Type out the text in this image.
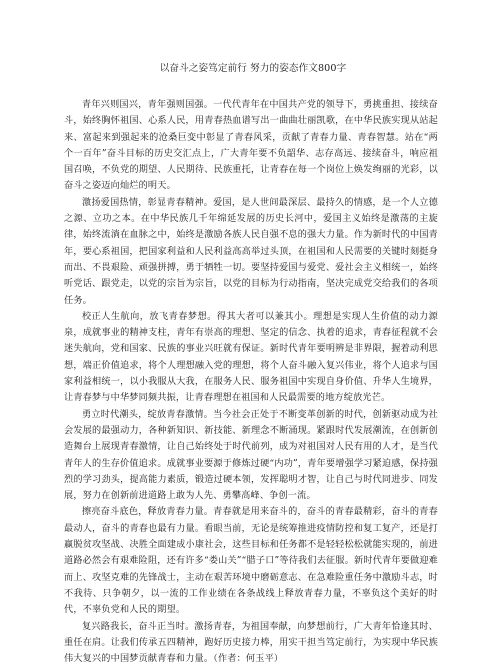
以奋斗之姿笃定前行 努力的姿态作文800字

青年兴则国兴，青年强则国强。一代代青年在中国共产党的领导下，勇挑重担、接续奋斗，始终胸怀祖国、心系人民，用青春热血谱写出一曲曲壮丽凯歌，在中华民族实现从站起来、富起来到强起来的沧桑巨变中彰显了青春风采，贡献了青春力量、青春智慧。站在“两个一百年”奋斗目标的历史交汇点上，广大青年要不负韶华、志存高远、接续奋斗，响应祖国召唤，不负党的期望、人民期待、民族重托，让青春在每一个岗位上焕发绚丽的光彩，以奋斗之姿迈向灿烂的明天。

激扬爱国热情，彰显青春精神。爱国，是人世间最深层、最持久的情感，是一个人立德之源、立功之本。在中华民族几千年绵延发展的历史长河中，爱国主义始终是激荡的主旋律，始终流淌在血脉之中，始终是激励各族人民自强不息的强大力量。作为新时代的中国青年，要心系祖国，把国家利益和人民利益高高举过头顶，在祖国和人民需要的关键时刻挺身而出、不畏艰险、顽强拼搏，勇于牺牲一切。要坚持爱国与爱党、爱社会主义相统一，始终听党话、跟党走，以党的宗旨为宗旨，以党的目标为行动指南，坚决完成党交给我们的各项任务。

校正人生航向，放飞青春梦想。得其大者可以兼其小。理想是实现人生价值的动力源泉，成就事业的精神支柱，青年有崇高的理想、坚定的信念、执着的追求，青春征程就不会迷失航向，党和国家、民族的事业兴旺就有保证。新时代青年要明辨是非界限，握着动利思想，端正价值追求，将个人理想融入党的理想，将个人奋斗融入复兴伟业，将个人追求与国家利益相统一，以小我服从大我，在服务人民、服务祖国中实现自身价值、升华人生境界，让青春梦与中华梦同频共振，让青春理想在祖国和人民最需要的地方绽放光芒。

勇立时代潮头，绽放青春激情。当今社会正处于不断变革创新的时代，创新驱动成为社会发展的最强动力，各种新知识、新技能、新理念不断涌现。紧跟时代发展潮流，在创新创造舞台上展现青春激情，让自己始终处于时代前列，成为对祖国对人民有用的人才，是当代青年人的生存价值追求。成就事业要源于修炼过硬“内功”，青年要增强学习紧迫感，保持强烈的学习劲头，提高能力素质，锻造过硬本领，发挥聪明才智，让自己与时代同进步、同发展，努力在创新前进道路上敢为人先、勇攀高峰、争创一流。

擦亮奋斗底色，释放青春力量。青春就是用来奋斗的，奋斗的青春最精彩，奋斗的青春最动人，奋斗的青春也最有力量。看眼当前，无论是统筹推进疫情防控和复工复产，还是打赢脱贫攻坚战、决胜全面建成小康社会，这些目标和任务都不是轻轻松松就能实现的，前进道路必然会有艰难险阻，还有许多“娄山关”“腊子口”等待我们去征服。新时代青年要做迎难而上、攻坚克难的先锋战士，主动在艰苦环境中磨砺意志、在急难险重任务中激励斗志，时不我待、只争朝夕，以一流的工作业绩在各条战线上释放青春力量，不辜负这个美好的时代，不辜负党和人民的期望。

复兴路我长，奋斗正当时。激扬青春，为祖国奉献，向梦想前行，广大青年恰逢其时、重任在肩。让我们传承五四精神，跑好历史接力棒，用实干担当笃定前行，为实现中华民族伟大复兴的中国梦贡献青春和力量。（作者：何玉平）
